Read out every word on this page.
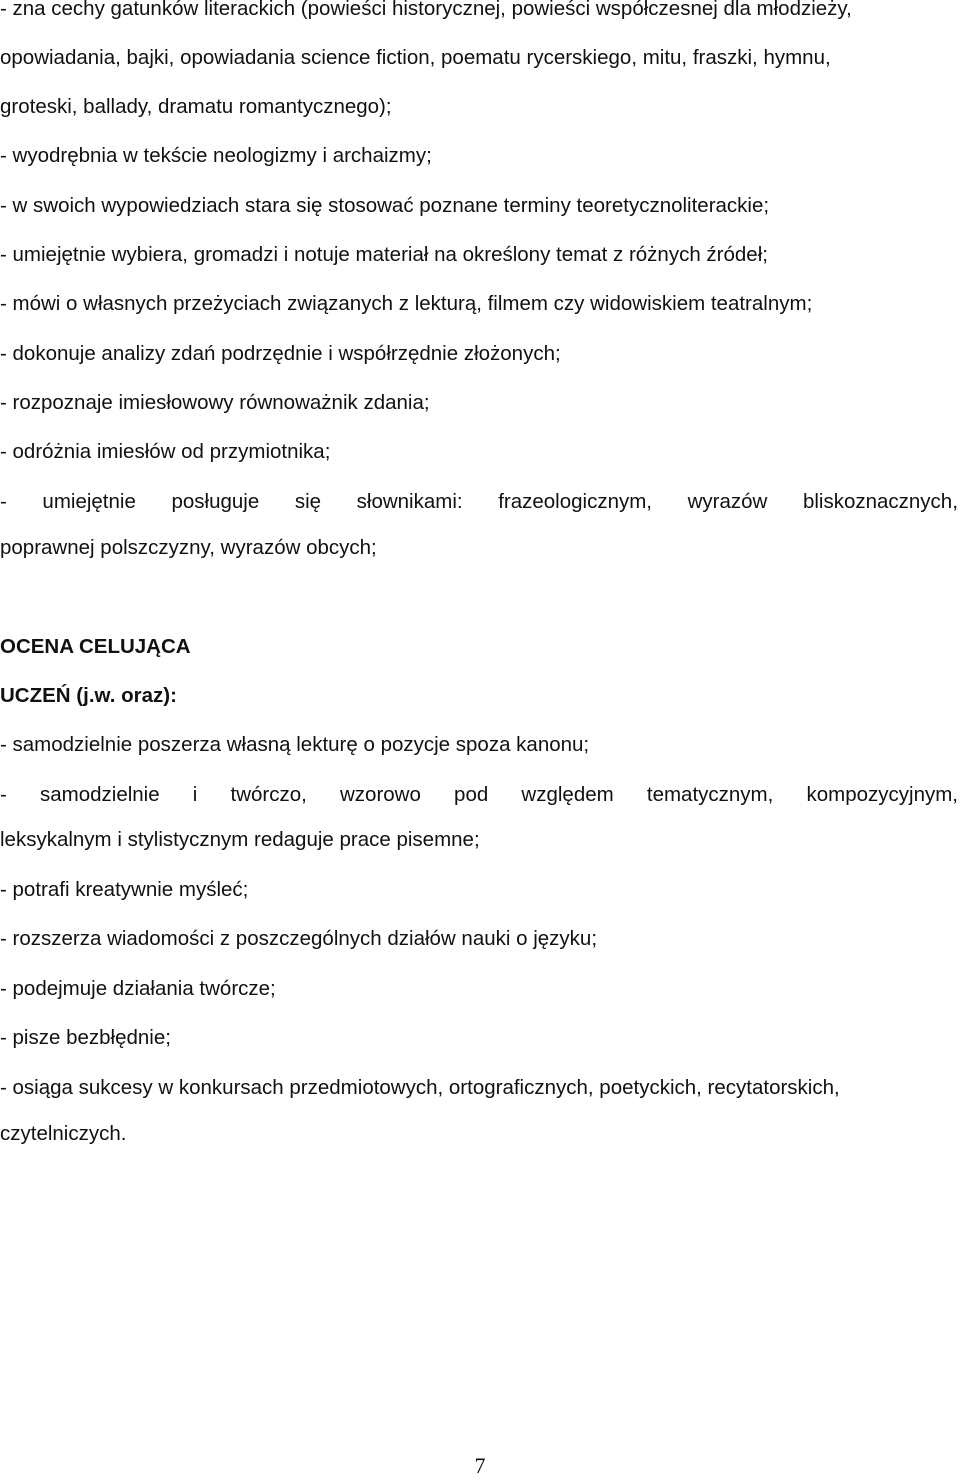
- zna cechy gatunków literackich (powieści historycznej, powieści współczesnej dla młodzieży,
opowiadania, bajki, opowiadania science fiction, poematu rycerskiego, mitu, fraszki, hymnu,
groteski, ballady, dramatu romantycznego);
- wyodrębnia w tekście neologizmy i archaizmy;
- w swoich wypowiedziach stara się stosować poznane terminy teoretycznoliterackie;
- umiejętnie wybiera, gromadzi i notuje materiał na określony temat z różnych źródeł;
- mówi o własnych przeżyciach związanych z lekturą, filmem czy widowiskiem teatralnym;
- dokonuje analizy zdań podrzędnie i współrzędnie złożonych;
- rozpoznaje imiesłowowy równoważnik zdania;
- odróżnia imiesłów od przymiotnika;
- umiejętnie posługuje się słownikami: frazeologicznym, wyrazów bliskoznacznych,
poprawnej polszczyzny, wyrazów obcych;
OCENA CELUJĄCA
UCZEŃ (j.w. oraz):
- samodzielnie poszerza własną lekturę o pozycje spoza kanonu;
- samodzielnie i twórczo, wzorowo pod względem tematycznym, kompozycyjnym,
leksykalnym i stylistycznym redaguje prace pisemne;
- potrafi kreatywnie myśleć;
- rozszerza wiadomości z poszczególnych działów nauki o języku;
- podejmuje działania twórcze;
- pisze bezbłędnie;
- osiąga sukcesy w konkursach przedmiotowych, ortograficznych, poetyckich, recytatorskich,
czytelniczych.
7
